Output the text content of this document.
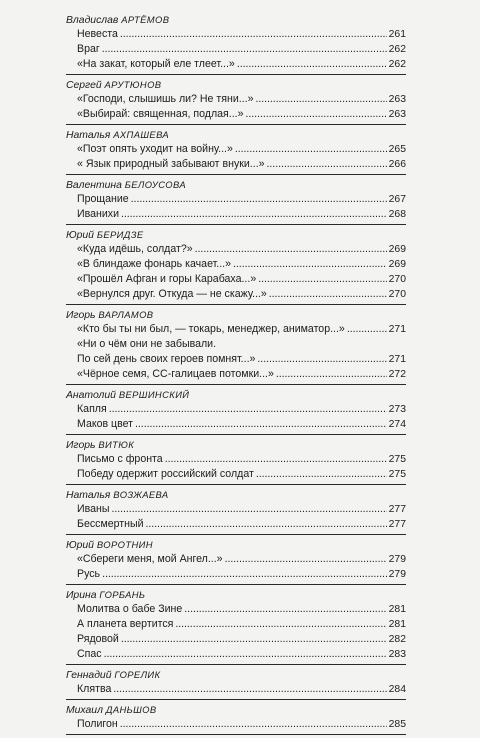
Владислав АРТЁМОВ
Невеста . . .	261
Враг . . .	262
«На закат, который еле тлеет...» . . .	262
Сергей АРУТЮНОВ
«Господи, слышишь ли? Не тяни...» . . .	263
«Выбирай: священная, подлая...» . . .	263
Наталья АХПАШЕВА
«Поэт опять уходит на войну...» . . .	265
« Язык природный забывают внуки...» . . .	266
Валентина БЕЛОУСОВА
Прощание . . .	267
Иванихи . . .	268
Юрий БЕРИДЗЕ
«Куда идёшь, солдат?» . . .	269
«В блиндаже фонарь качает...» . . .	269
«Прошёл Афган и горы Карабаха...» . . .	270
«Вернулся друг. Откуда — не скажу...» . . .	270
Игорь ВАРЛАМОВ
«Кто бы ты ни был, — токарь, менеджер, аниматор...» . . .	271
«Ни о чём они не забывали.
По сей день своих героев помнят...» . . .	271
«Чёрное семя, СС-галицаев потомки...» . . .	272
Анатолий ВЕРШИНСКИЙ
Капля . . .	273
Маков цвет . . .	274
Игорь ВИТЮК
Письмо с фронта . . .	275
Победу одержит российский солдат . . .	275
Наталья ВОЗЖАЕВА
Иваны . . .	277
Бессмертный . . .	277
Юрий ВОРОТНИН
«Сбереги меня, мой Ангел...» . . .	279
Русь . . .	279
Ирина ГОРБАНЬ
Молитва о бабе Зине . . .	281
А планета вертится . . .	281
Рядовой . . .	282
Спас . . .	283
Геннадий ГОРЕЛИК
Клятва . . .	284
Михаил ДАНЬШОВ
Полигон . . .	285
